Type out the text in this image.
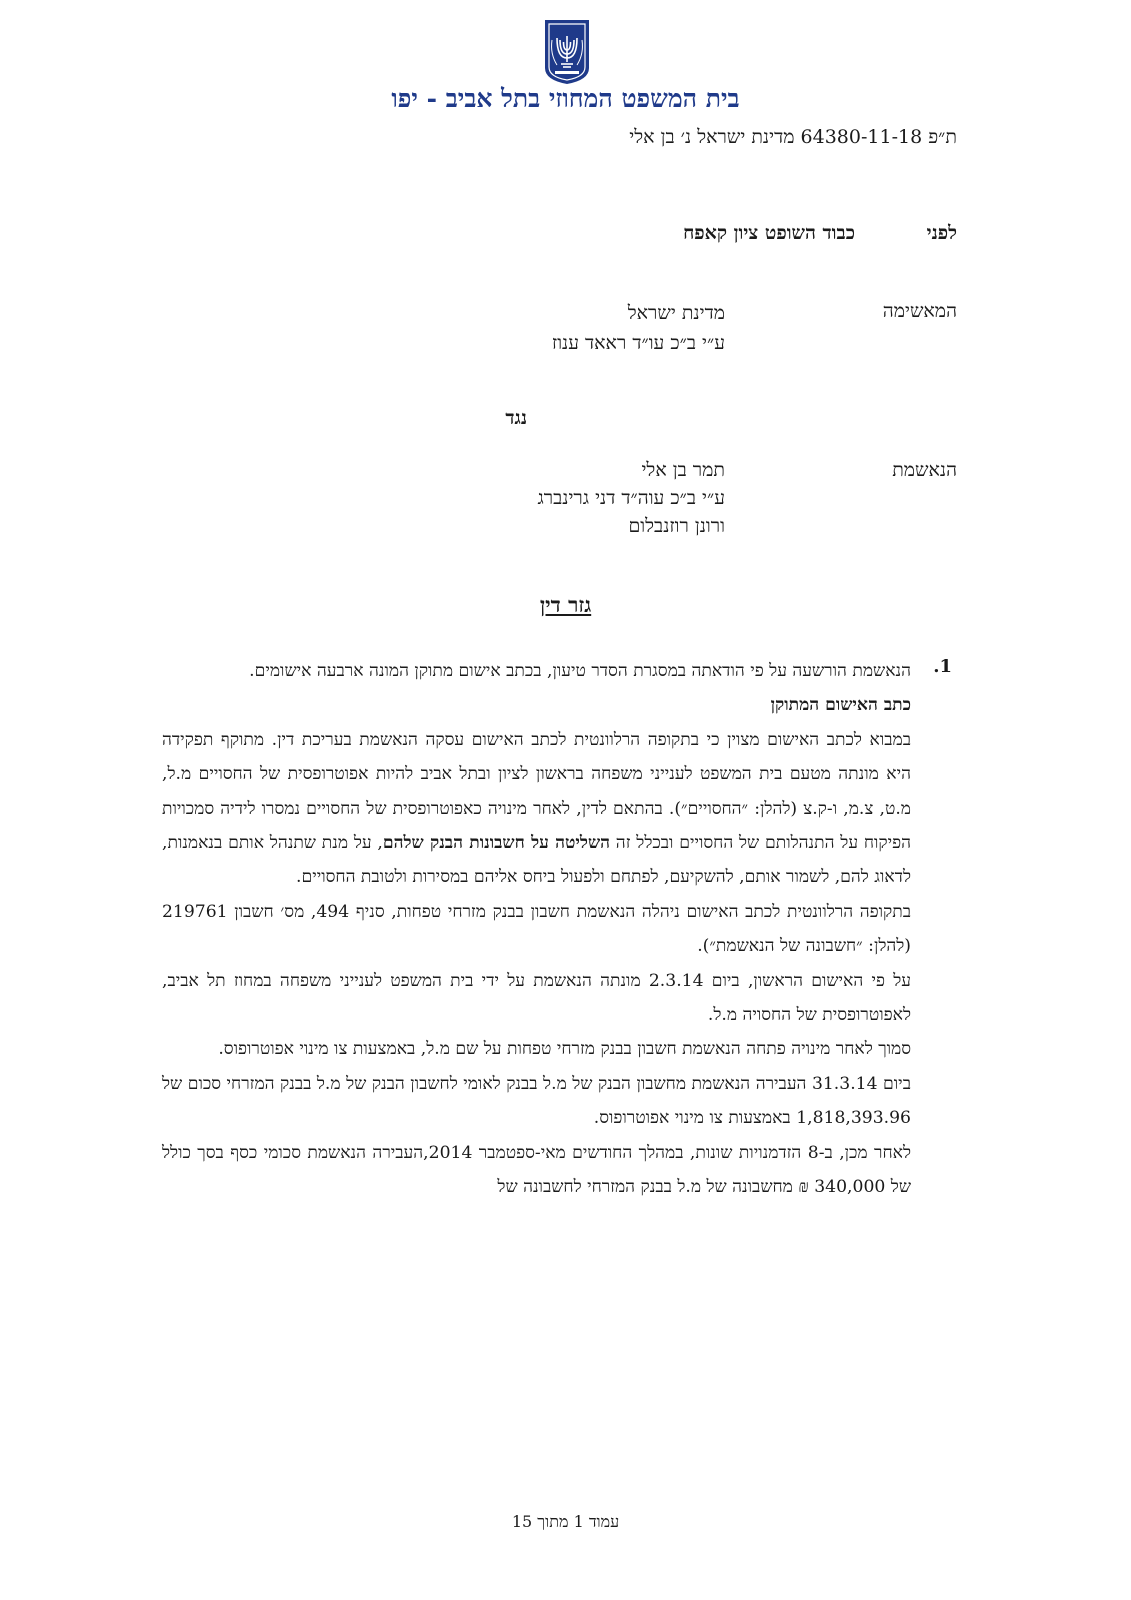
בית המשפט המחוזי בתל אביב - יפו
ת״פ 64380-11-18 מדינת ישראל נ׳ בן אלי
לפני
כבוד השופט ציון קאפח
המאשימה
מדינת ישראל
ע״י ב״כ עו״ד ראאד ענוז
נגד
הנאשמת
תמר בן אלי
ע״י ב״כ עוה״ד דני גרינברג
ורונן רוזנבלום
גזר דין
1.

הנאשמת הורשעה על פי הודאתה במסגרת הסדר טיעון, בכתב אישום מתוקן המונה ארבעה אישומים.

כתב האישום המתוקן

במבוא לכתב האישום מצוין כי בתקופה הרלוונטית לכתב האישום עסקה הנאשמת בעריכת דין. מתוקף תפקידה היא מונתה מטעם בית המשפט לענייני משפחה בראשון לציון ובתל אביב להיות אפוטרופסית של החסויים מ.ל, מ.ט, צ.מ, ו-ק.צ (להלן: ״החסויים״). בהתאם לדין, לאחר מינויה כאפוטרופסית של החסויים נמסרו לידיה סמכויות הפיקוח על התנהלותם של החסויים ובכלל זה השליטה על חשבונות הבנק שלהם, על מנת שתנהל אותם בנאמנות, לדאוג להם, לשמור אותם, להשקיעם, לפתחם ולפעול ביחס אליהם במסירות ולטובת החסויים.

בתקופה הרלוונטית לכתב האישום ניהלה הנאשמת חשבון בבנק מזרחי טפחות, סניף 494, מס׳ חשבון 219761 (להלן: ״חשבונה של הנאשמת״).

על פי האישום הראשון, ביום 2.3.14 מונתה הנאשמת על ידי בית המשפט לענייני משפחה במחוז תל אביב, לאפוטרופסית של החסויה מ.ל.

סמוך לאחר מינויה פתחה הנאשמת חשבון בבנק מזרחי טפחות על שם מ.ל, באמצעות צו מינוי אפוטרופוס.

ביום 31.3.14 העבירה הנאשמת מחשבון הבנק של מ.ל בבנק לאומי לחשבון הבנק של מ.ל בבנק המזרחי סכום של 1,818,393.96 באמצעות צו מינוי אפוטרופוס.

לאחר מכן, ב-8 הזדמנויות שונות, במהלך החודשים מאי-ספטמבר 2014,העבירה הנאשמת סכומי כסף בסך כולל של 340,000 ₪ מחשבונה של מ.ל בבנק המזרחי לחשבונה של

עמוד 1 מתוך 15
